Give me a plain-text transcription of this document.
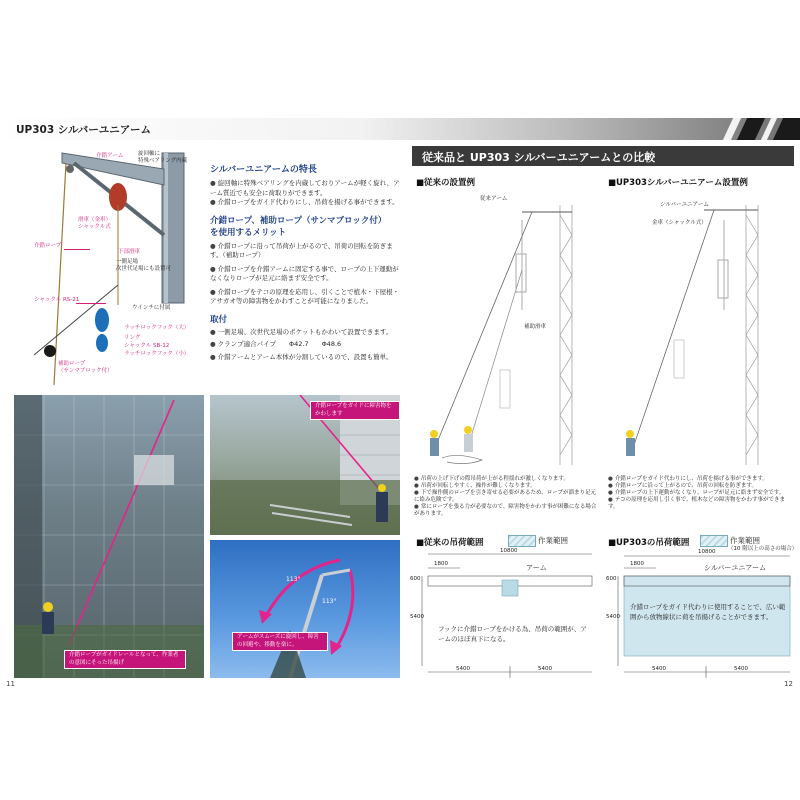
UP303 シルバーユニアーム
介錯アーム	旋回軸に
特殊ベアリング内蔵
滑車（金車）
シャックル式
介錯ロープ
下部滑車
一側足場
次世代足場にも設置可
シャックル RS-21
ウインチに付属
ラッチロックフック（大）
リング
シャックル SB-12
ラッチロックフック（小）
補助ロープ
（サンマブロック付）
シルバーユニアームの特長
● 旋回軸に特殊ベアリングを内蔵しておりアームが軽く旋れ、アーム質近でも安全に荷取りができます。
● 介錯ロープをガイド代わりにし、吊荷を揚げる事ができます。
介錯ロープ、補助ロープ（サンマブロック付）
を使用するメリット
● 介錯ロープに沿って吊荷が上がるので、吊荷の回転を防ぎます。（補助ロープ）
● 介錯ロープを介錯アームに固定する事で、ロープの上下運動がなくなりロープが足元に絡まず安全です。
● 介錯ロープをテコの原理を応用し、引くことで植木・下屋根・アサガオ等の障害物をかわすことが可能になりました。
取付
● 一側足場、次世代足場のポケットもかわいて設置できます。
● クランプ適合パイプ　　Φ42.7　　Φ48.6
● 介錯アームとアーム本体が分割しているので、設置も簡単。
介錯ロープがガイドレールとなって、作業者の意図にそった吊揚げ
介錯ロープをガイドに障害物をかわします
113°
113°
アームがスムーズに旋回し、障害の回避や、移動を楽に。
従来品と UP303 シルバーユニアームとの比較
■従来の設置例	■UP303シルバーユニアーム設置例
従来アーム
補助滑車
シルバーユニアーム
金車（シャックル式）
● 吊荷の上げ下げの際吊荷が上がる程揺れが激しくなります。
● 吊荷が回転しやすく、操作が難しくなります。
● 下で操作側のロープを引き寄せる必要があるため、ロープが溜まり足元に絡み危険です。
● 常にロープを張る力が必要なので、障害物をかわす事が困難になる場合があります。
● 介錯ロープをガイド代わりにし、吊荷を揚げる事ができます。
● 介錯ロープに沿って上がるので、吊荷の回転を防ぎます。
● 介錯ロープの上下運動がなくなり、ロープが足元に絡まず安全です。
● テコの原理を応用し引く事で、植木などの障害物をかわす事ができます。
■従来の吊荷範囲	作業範囲
10800
1800
600
5400
アーム
フックに介錯ロープをかける為、吊荷の範囲が、アームのほぼ真下になる。
5400	5400
■UP303の吊荷範囲	作業範囲
（10 階以上の高さの場合）
10800
1800
600
5400
シルバーユニアーム
介錯ロープをガイド代わりに使用することで、広い範囲から放物線状に荷を吊揚げることができます。
5400	5400
11	12
